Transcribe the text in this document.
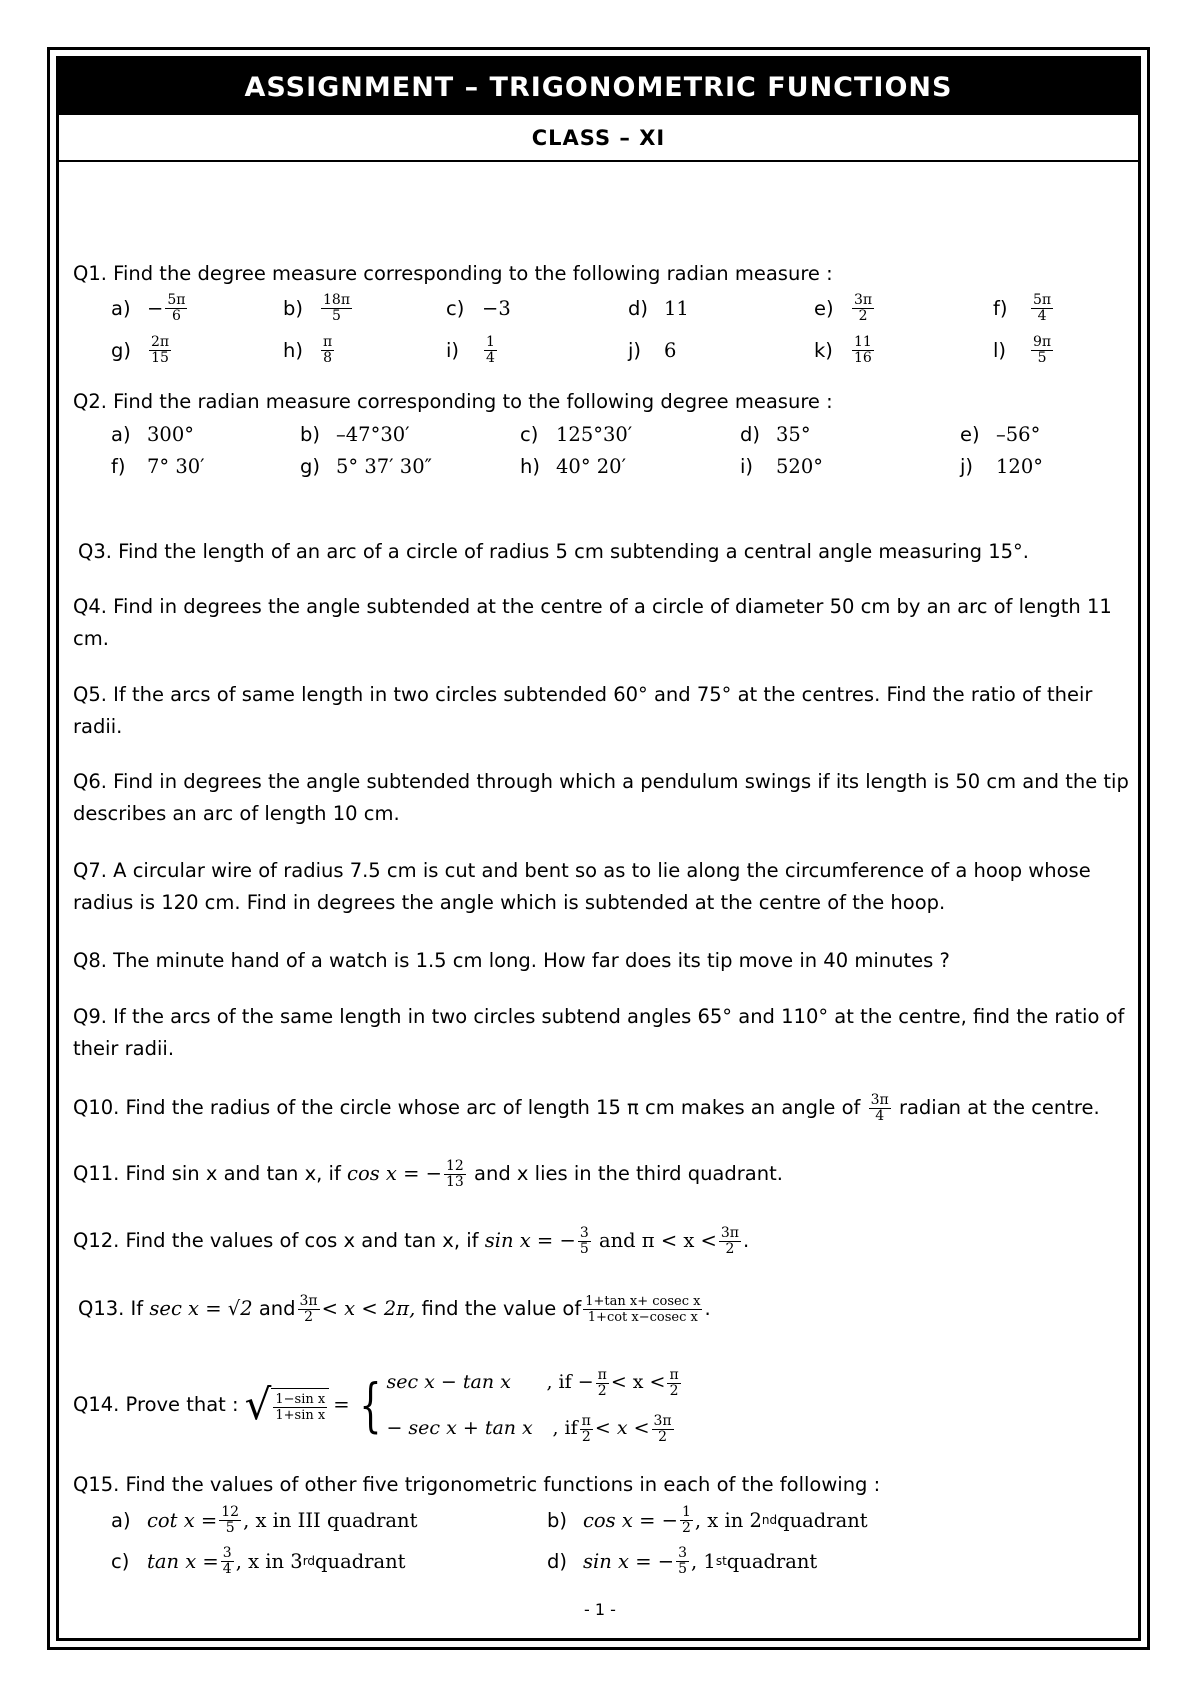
ASSIGNMENT – TRIGONOMETRIC FUNCTIONS
CLASS – XI
Q1. Find the degree measure corresponding to the following radian measure :
$a) - \frac{5\pi}{6}$	b)	$\frac{18\pi}{5}$	c) −3	d) 11	e)	$\frac{3\pi}{2}$	f)	$\frac{5\pi}{4}$
g)	$\frac{2\pi}{15}$	h)	$\frac{\pi}{8}$	i)	$\frac{1}{4}$	j)	6	k)	$\frac{11}{16}$	l)	$\frac{9\pi}{5}$
Q2. Find the radian measure corresponding to the following degree measure :
a) 300°	b) –47°30′	c) 125°30′	d) 35°	e) –56°
f)	7° 30′	g) 5° 37′ 30″	h) 40° 20′	i)	520°	j)	120°
Q3. Find the length of an arc of a circle of radius 5 cm subtending a central angle measuring 15°.
Q4. Find in degrees the angle subtended at the centre of a circle of diameter 50 cm by an arc of length 11 cm.
Q5. If the arcs of same length in two circles subtended 60° and 75° at the centres. Find the ratio of their radii.
Q6. Find in degrees the angle subtended through which a pendulum swings if its length is 50 cm and the tip describes an arc of length 10 cm.
Q7. A circular wire of radius 7.5 cm is cut and bent so as to lie along the circumference of a hoop whose radius is 120 cm. Find in degrees the angle which is subtended at the centre of the hoop.
Q8. The minute hand of a watch is 1.5 cm long. How far does its tip move in 40 minutes ?
Q9. If the arcs of the same length in two circles subtend angles 65° and 110° at the centre, find the ratio of their radii.
Q10. Find the radius of the circle whose arc of length 15 π cm makes an angle of $\frac{3\pi}{4}$ radian at the centre.
Q11. Find sin x and tan x, if cos x = − $\frac{12}{13}$ and x lies in the third quadrant.
Q12. Find the values of cos x and tan x, if sin x = − $\frac{3}{5}$ and $\pi < x < \frac{3\pi}{2}$ .
Q13. If sec x = √2 and $\frac{3\pi}{2} < x < 2\pi$, find the value of $\frac{\text{1+tan x+ cosec x}}{\text{1+cot x−cosec x}}$ .
Q14. Prove that : √ $\frac{\text{1−sin x}}{\text{1+sin x}}$ = { sec x − tan x , if − $\frac{\pi}{2} < x < \frac{\pi}{2}$
− sec x + tan x , if $\frac{\pi}{2} < x < \frac{3\pi}{2}$
Q15. Find the values of other five trigonometric functions in each of the following :
a) $\cot x = \frac{12}{5}$ , x in III quadrant	b) cos x = − $\frac{1}{2}$ , x in 2 nd quadrant
c) $\tan x = \frac{3}{4}$ , x in 3 rd quadrant	d) sin x = − $\frac{3}{5}$ , 1 st quadrant
- 1 -
